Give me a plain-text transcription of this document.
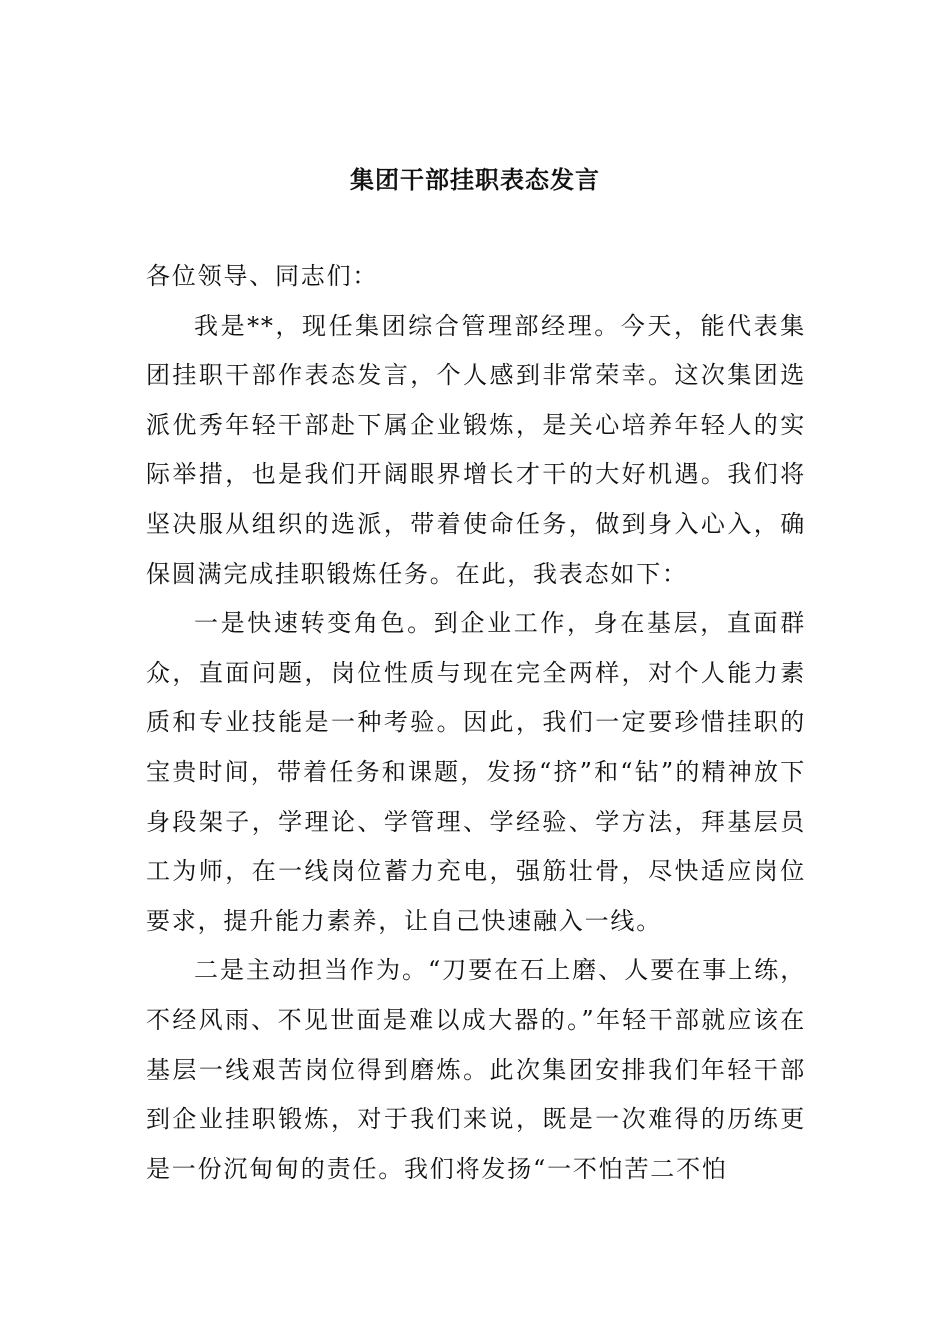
集团干部挂职表态发言

各位领导、同志们：

我是**，现任集团综合管理部经理。今天，能代表集团挂职干部作表态发言，个人感到非常荣幸。这次集团选派优秀年轻干部赴下属企业锻炼，是关心培养年轻人的实际举措，也是我们开阔眼界增长才干的大好机遇。我们将坚决服从组织的选派，带着使命任务，做到身入心入，确保圆满完成挂职锻炼任务。在此，我表态如下：

一是快速转变角色。到企业工作，身在基层，直面群众，直面问题，岗位性质与现在完全两样，对个人能力素质和专业技能是一种考验。因此，我们一定要珍惜挂职的宝贵时间，带着任务和课题，发扬“挤”和“钻”的精神放下身段架子，学理论、学管理、学经验、学方法，拜基层员工为师，在一线岗位蓄力充电，强筋壮骨，尽快适应岗位要求，提升能力素养，让自己快速融入一线。

二是主动担当作为。“刀要在石上磨、人要在事上练，不经风雨、不见世面是难以成大器的。”年轻干部就应该在基层一线艰苦岗位得到磨炼。此次集团安排我们年轻干部到企业挂职锻炼，对于我们来说，既是一次难得的历练更是一份沉甸甸的责任。我们将发扬“一不怕苦二不怕
